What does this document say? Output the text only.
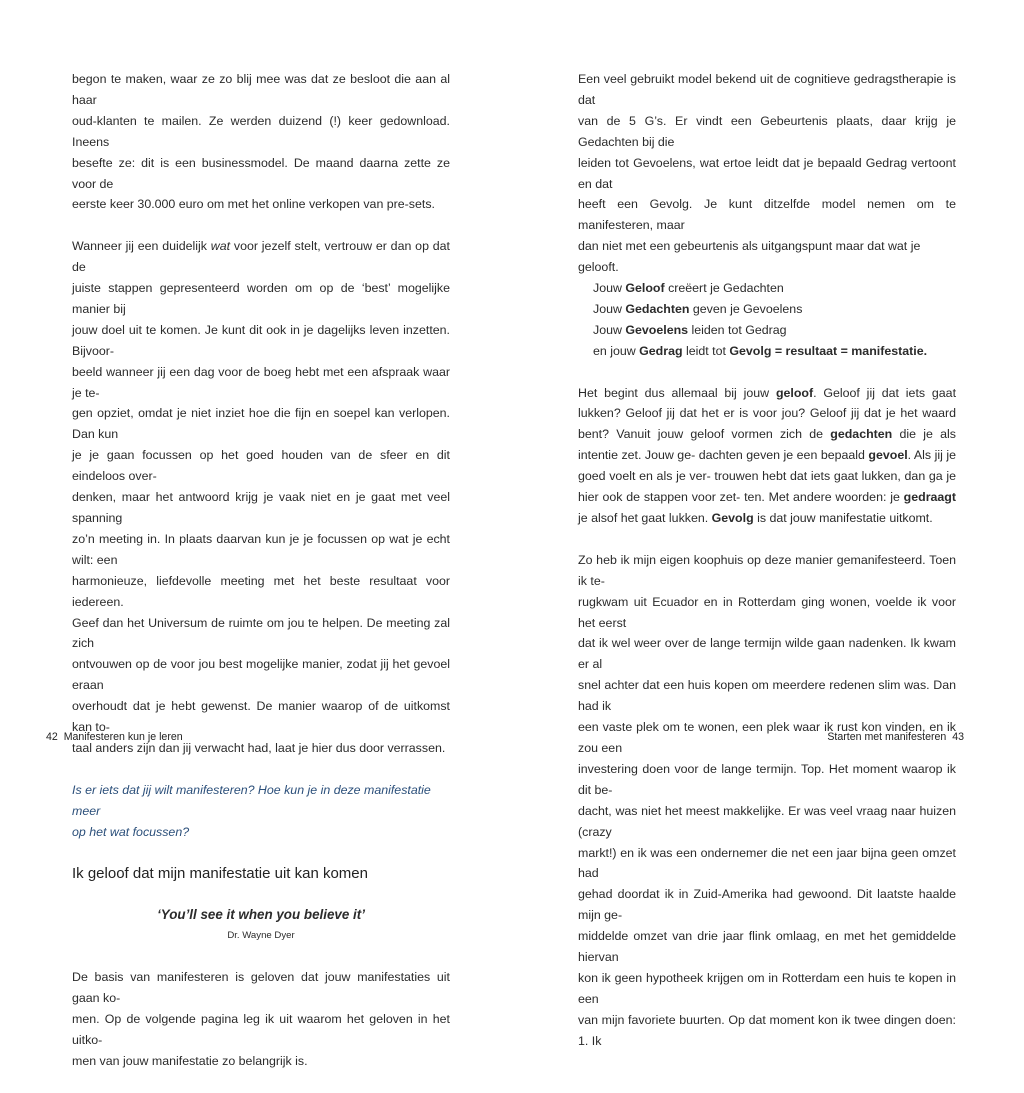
begon te maken, waar ze zo blij mee was dat ze besloot die aan al haar

oud-klanten te mailen. Ze werden duizend (!) keer gedownload. Ineens

besefte ze: dit is een businessmodel. De maand daarna zette ze voor de

eerste keer 30.000 euro om met het online verkopen van pre-sets.

Wanneer jij een duidelijk wat voor jezelf stelt, vertrouw er dan op dat de

juiste stappen gepresenteerd worden om op de ‘best’ mogelijke manier bij

jouw doel uit te komen. Je kunt dit ook in je dagelijks leven inzetten. Bijvoor-

beeld wanneer jij een dag voor de boeg hebt met een afspraak waar je te-

gen opziet, omdat je niet inziet hoe die fijn en soepel kan verlopen. Dan kun

je je gaan focussen op het goed houden van de sfeer en dit eindeloos over-

denken, maar het antwoord krijg je vaak niet en je gaat met veel spanning

zo’n meeting in. In plaats daarvan kun je je focussen op wat je echt wilt: een

harmonieuze, liefdevolle meeting met het beste resultaat voor iedereen.

Geef dan het Universum de ruimte om jou te helpen. De meeting zal zich

ontvouwen op de voor jou best mogelijke manier, zodat jij het gevoel eraan

overhoudt dat je hebt gewenst. De manier waarop of de uitkomst kan to-

taal anders zijn dan jij verwacht had, laat je hier dus door verrassen.

Is er iets dat jij wilt manifesteren? Hoe kun je in deze manifestatie meer

op het wat focussen?

Ik geloof dat mijn manifestatie uit kan komen
‘You’ll see it when you believe it’
Dr. Wayne Dyer

De basis van manifesteren is geloven dat jouw manifestaties uit gaan ko-

men. Op de volgende pagina leg ik uit waarom het geloven in het uitko-

men van jouw manifestatie zo belangrijk is.

42 Manifesteren kun je leren

Een veel gebruikt model bekend uit de cognitieve gedragstherapie is dat

van de 5 G’s. Er vindt een Gebeurtenis plaats, daar krijg je Gedachten bij die

leiden tot Gevoelens, wat ertoe leidt dat je bepaald Gedrag vertoont en dat

heeft een Gevolg. Je kunt ditzelfde model nemen om te manifesteren, maar

dan niet met een gebeurtenis als uitgangspunt maar dat wat je gelooft.

Jouw Geloof creëert je Gedachten

Jouw Gedachten geven je Gevoelens

Jouw Gevoelens leiden tot Gedrag

en jouw Gedrag leidt tot Gevolg = resultaat = manifestatie.

Het begint dus allemaal bij jouw geloof. Geloof jij dat iets gaat lukken? Geloof jij dat het er is voor jou? Geloof jij dat je het waard bent? Vanuit jouw geloof vormen zich de gedachten die je als intentie zet. Jouw ge- dachten geven je een bepaald gevoel. Als jij je goed voelt en als je ver- trouwen hebt dat iets gaat lukken, dan ga je hier ook de stappen voor zet- ten. Met andere woorden: je gedraagt je alsof het gaat lukken. Gevolg is dat jouw manifestatie uitkomt.

Zo heb ik mijn eigen koophuis op deze manier gemanifesteerd. Toen ik te-

rugkwam uit Ecuador en in Rotterdam ging wonen, voelde ik voor het eerst

dat ik wel weer over de lange termijn wilde gaan nadenken. Ik kwam er al

snel achter dat een huis kopen om meerdere redenen slim was. Dan had ik

een vaste plek om te wonen, een plek waar ik rust kon vinden, en ik zou een

investering doen voor de lange termijn. Top. Het moment waarop ik dit be-

dacht, was niet het meest makkelijke. Er was veel vraag naar huizen (crazy

markt!) en ik was een ondernemer die net een jaar bijna geen omzet had

gehad doordat ik in Zuid-Amerika had gewoond. Dit laatste haalde mijn ge-

middelde omzet van drie jaar flink omlaag, en met het gemiddelde hiervan

kon ik geen hypotheek krijgen om in Rotterdam een huis te kopen in een

van mijn favoriete buurten. Op dat moment kon ik twee dingen doen: 1. Ik

Starten met manifesteren 43
